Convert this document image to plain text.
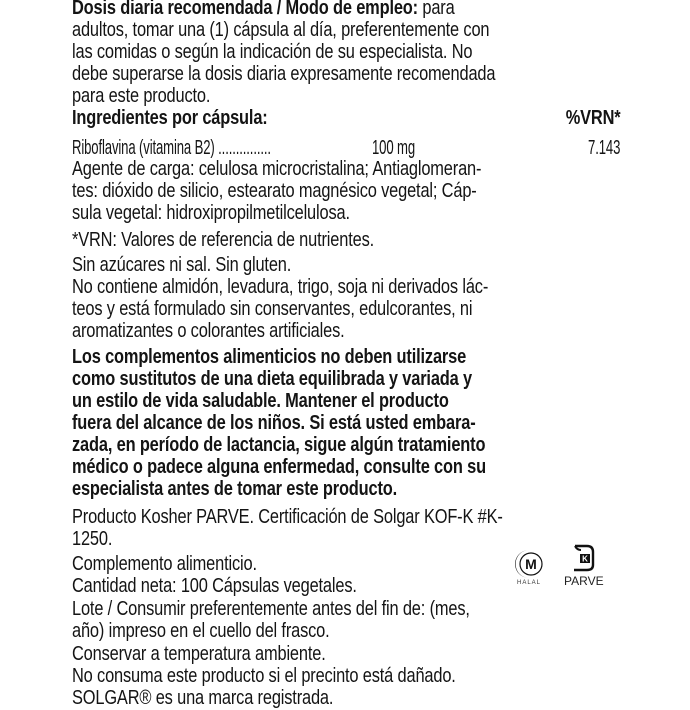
Dosis diaria recomendada / Modo de empleo: para
adultos, tomar una (1) cápsula al día, preferentemente con
las comidas o según la indicación de su especialista. No
debe superarse la dosis diaria expresamente recomendada
para este producto.
Ingredientes por cápsula:	%VRN*
Riboflavina (vitamina B2) ...............	100 mg	7.143
Agente de carga: celulosa microcristalina; Antiaglomeran-
tes: dióxido de silicio, estearato magnésico vegetal; Cáp-
sula vegetal: hidroxipropilmetilcelulosa.
*VRN: Valores de referencia de nutrientes.
Sin azúcares ni sal. Sin gluten.
No contiene almidón, levadura, trigo, soja ni derivados lác-
teos y está formulado sin conservantes, edulcorantes, ni
aromatizantes o colorantes artificiales.
Los complementos alimenticios no deben utilizarse
como sustitutos de una dieta equilibrada y variada y
un estilo de vida saludable. Mantener el producto
fuera del alcance de los niños. Si está usted embara-
zada, en período de lactancia, sigue algún tratamiento
médico o padece alguna enfermedad, consulte con su
especialista antes de tomar este producto.
Producto Kosher PARVE. Certificación de Solgar KOF-K #K-
1250.
Complemento alimenticio.
Cantidad neta: 100 Cápsulas vegetales.
Lote / Consumir preferentemente antes del fin de: (mes,
año) impreso en el cuello del frasco.
Conservar a temperatura ambiente.
No consuma este producto si el precinto está dañado.
SOLGAR® es una marca registrada.
M
HALAL
K
PARVE
